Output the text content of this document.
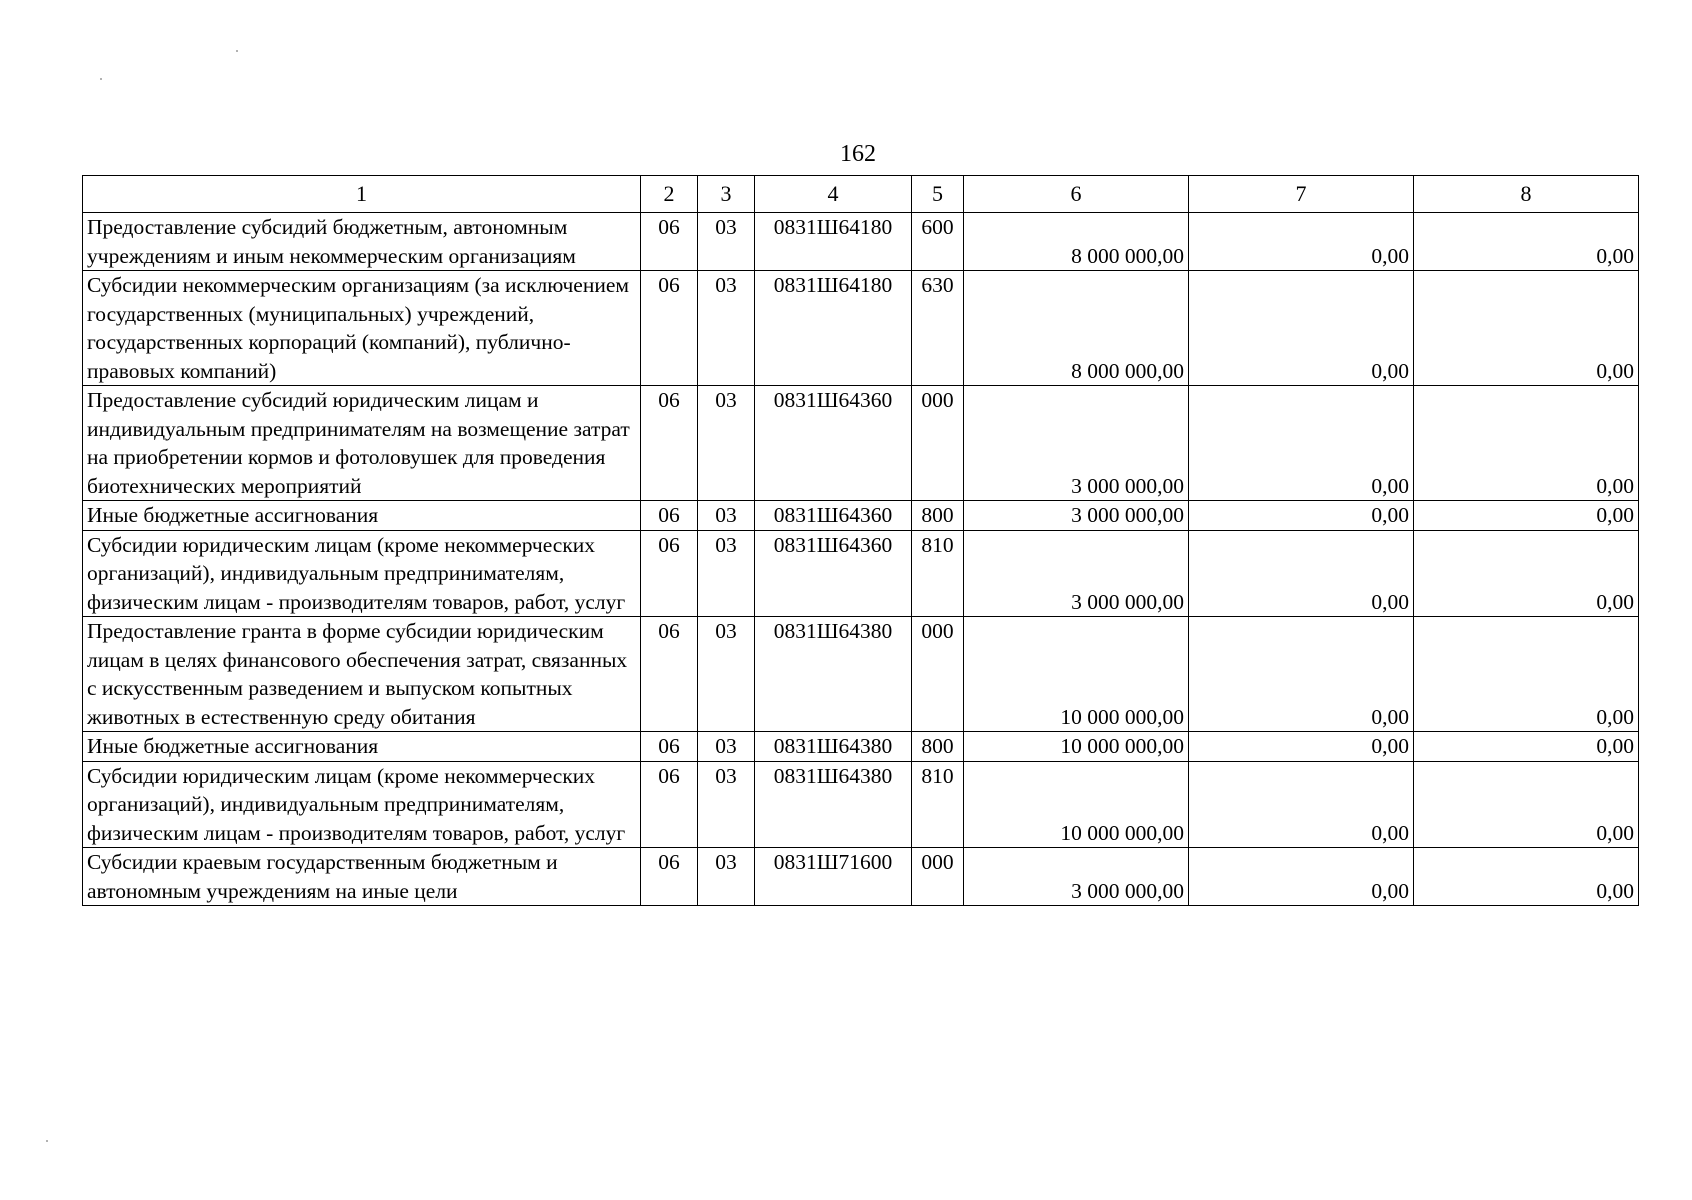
162
1	2	3	4	5	6	7	8
Предоставление субсидий бюджетным, автономным учреждениям и иным некоммерческим организациям	06	03	0831Ш64180	600	8 000 000,00	0,00	0,00
Субсидии некоммерческим организациям (за исключением государственных (муниципальных) учреждений, государственных корпораций (компаний), публично-правовых компаний)	06	03	0831Ш64180	630	8 000 000,00	0,00	0,00
Предоставление субсидий юридическим лицам и индивидуальным предпринимателям на возмещение затрат на приобретении кормов и фотоловушек для проведения биотехнических мероприятий	06	03	0831Ш64360	000	3 000 000,00	0,00	0,00
Иные бюджетные ассигнования	06	03	0831Ш64360	800	3 000 000,00	0,00	0,00
Субсидии юридическим лицам (кроме некоммерческих организаций), индивидуальным предпринимателям, физическим лицам - производителям товаров, работ, услуг	06	03	0831Ш64360	810	3 000 000,00	0,00	0,00
Предоставление гранта в форме субсидии юридическим лицам в целях финансового обеспечения затрат, связанных с искусственным разведением и выпуском копытных животных в естественную среду обитания	06	03	0831Ш64380	000	10 000 000,00	0,00	0,00
Иные бюджетные ассигнования	06	03	0831Ш64380	800	10 000 000,00	0,00	0,00
Субсидии юридическим лицам (кроме некоммерческих организаций), индивидуальным предпринимателям, физическим лицам - производителям товаров, работ, услуг	06	03	0831Ш64380	810	10 000 000,00	0,00	0,00
Субсидии краевым государственным бюджетным и автономным учреждениям на иные цели	06	03	0831Ш71600	000	3 000 000,00	0,00	0,00
